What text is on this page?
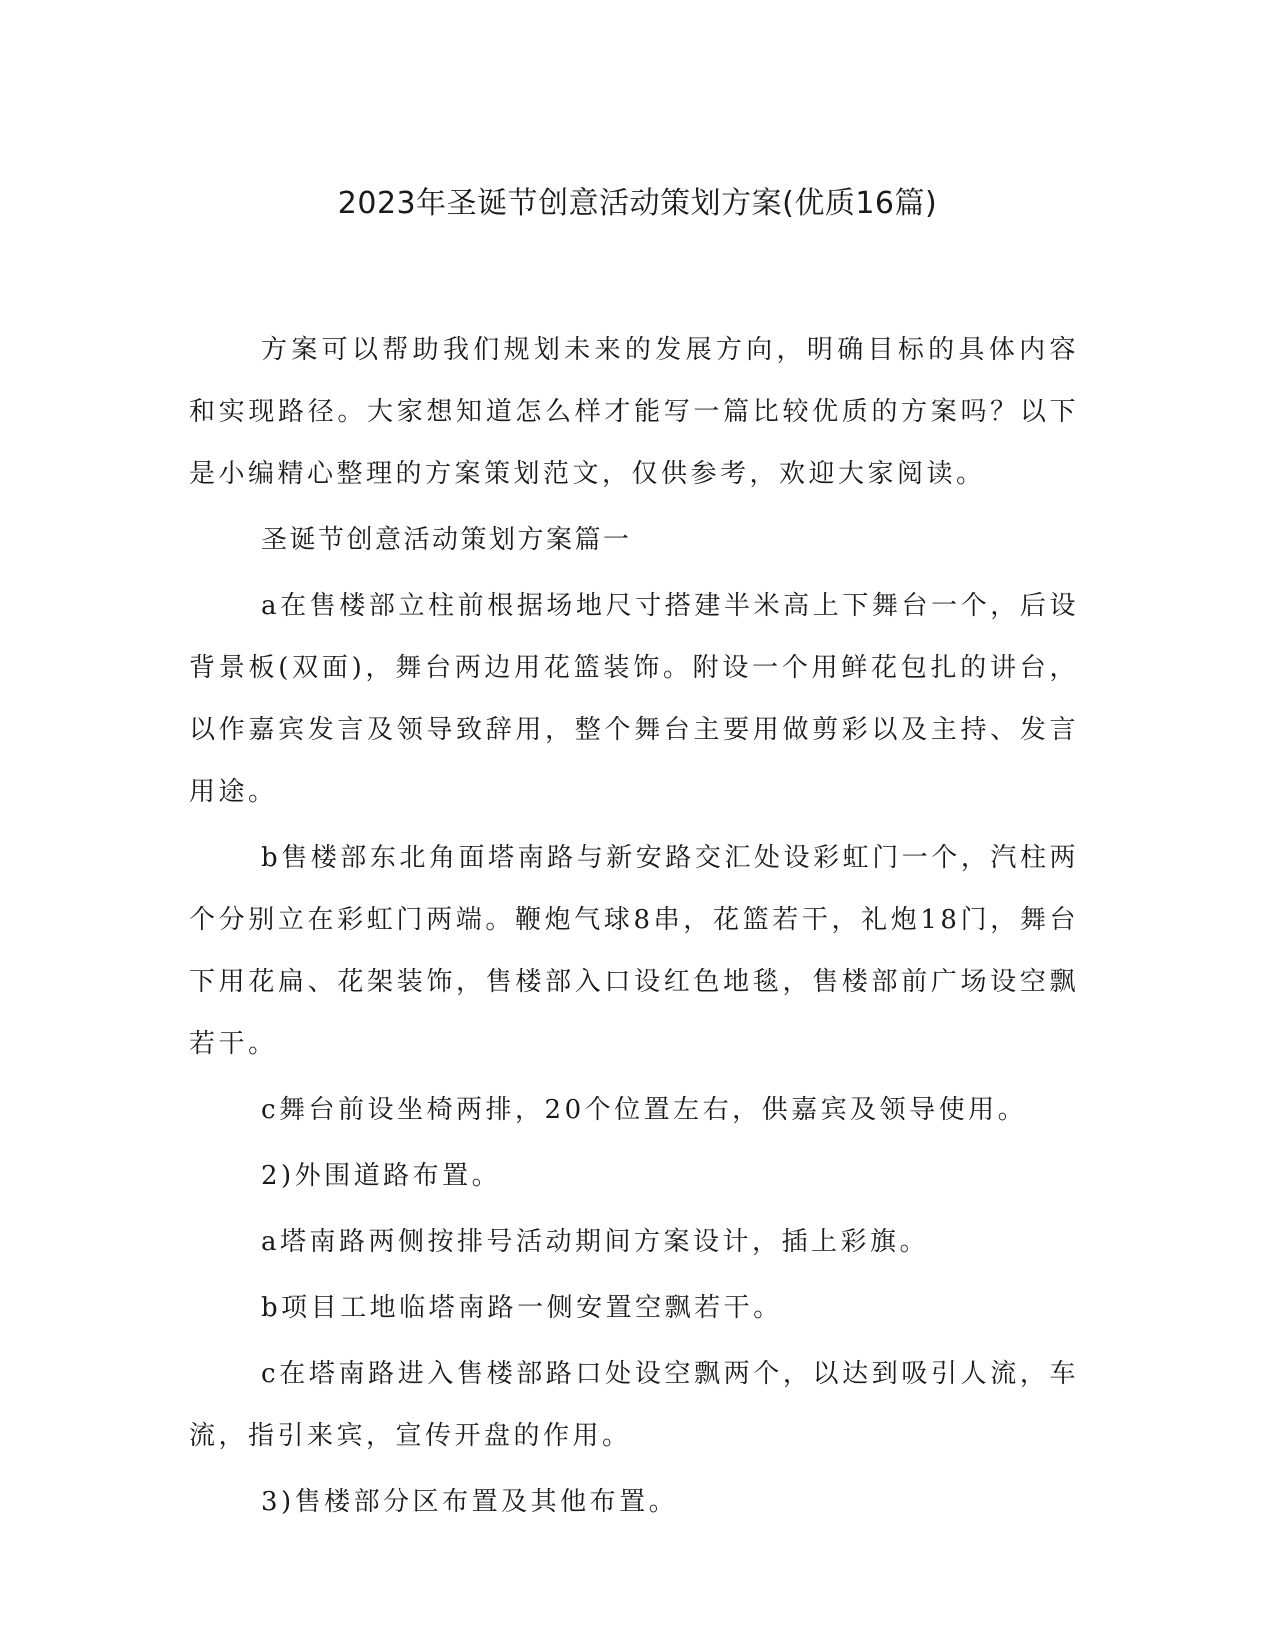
2023年圣诞节创意活动策划方案(优质16篇)

方案可以帮助我们规划未来的发展方向，明确目标的具体内容和实现路径。大家想知道怎么样才能写一篇比较优质的方案吗？以下是小编精心整理的方案策划范文，仅供参考，欢迎大家阅读。

圣诞节创意活动策划方案篇一

a在售楼部立柱前根据场地尺寸搭建半米高上下舞台一个，后设背景板(双面)，舞台两边用花篮装饰。附设一个用鲜花包扎的讲台，以作嘉宾发言及领导致辞用，整个舞台主要用做剪彩以及主持、发言用途。

b售楼部东北角面塔南路与新安路交汇处设彩虹门一个，汽柱两个分别立在彩虹门两端。鞭炮气球8串，花篮若干，礼炮18门，舞台下用花扁、花架装饰，售楼部入口设红色地毯，售楼部前广场设空飘若干。

c舞台前设坐椅两排，20个位置左右，供嘉宾及领导使用。

2)外围道路布置。

a塔南路两侧按排号活动期间方案设计，插上彩旗。

b项目工地临塔南路一侧安置空飘若干。

c在塔南路进入售楼部路口处设空飘两个，以达到吸引人流，车流，指引来宾，宣传开盘的作用。

3)售楼部分区布置及其他布置。
